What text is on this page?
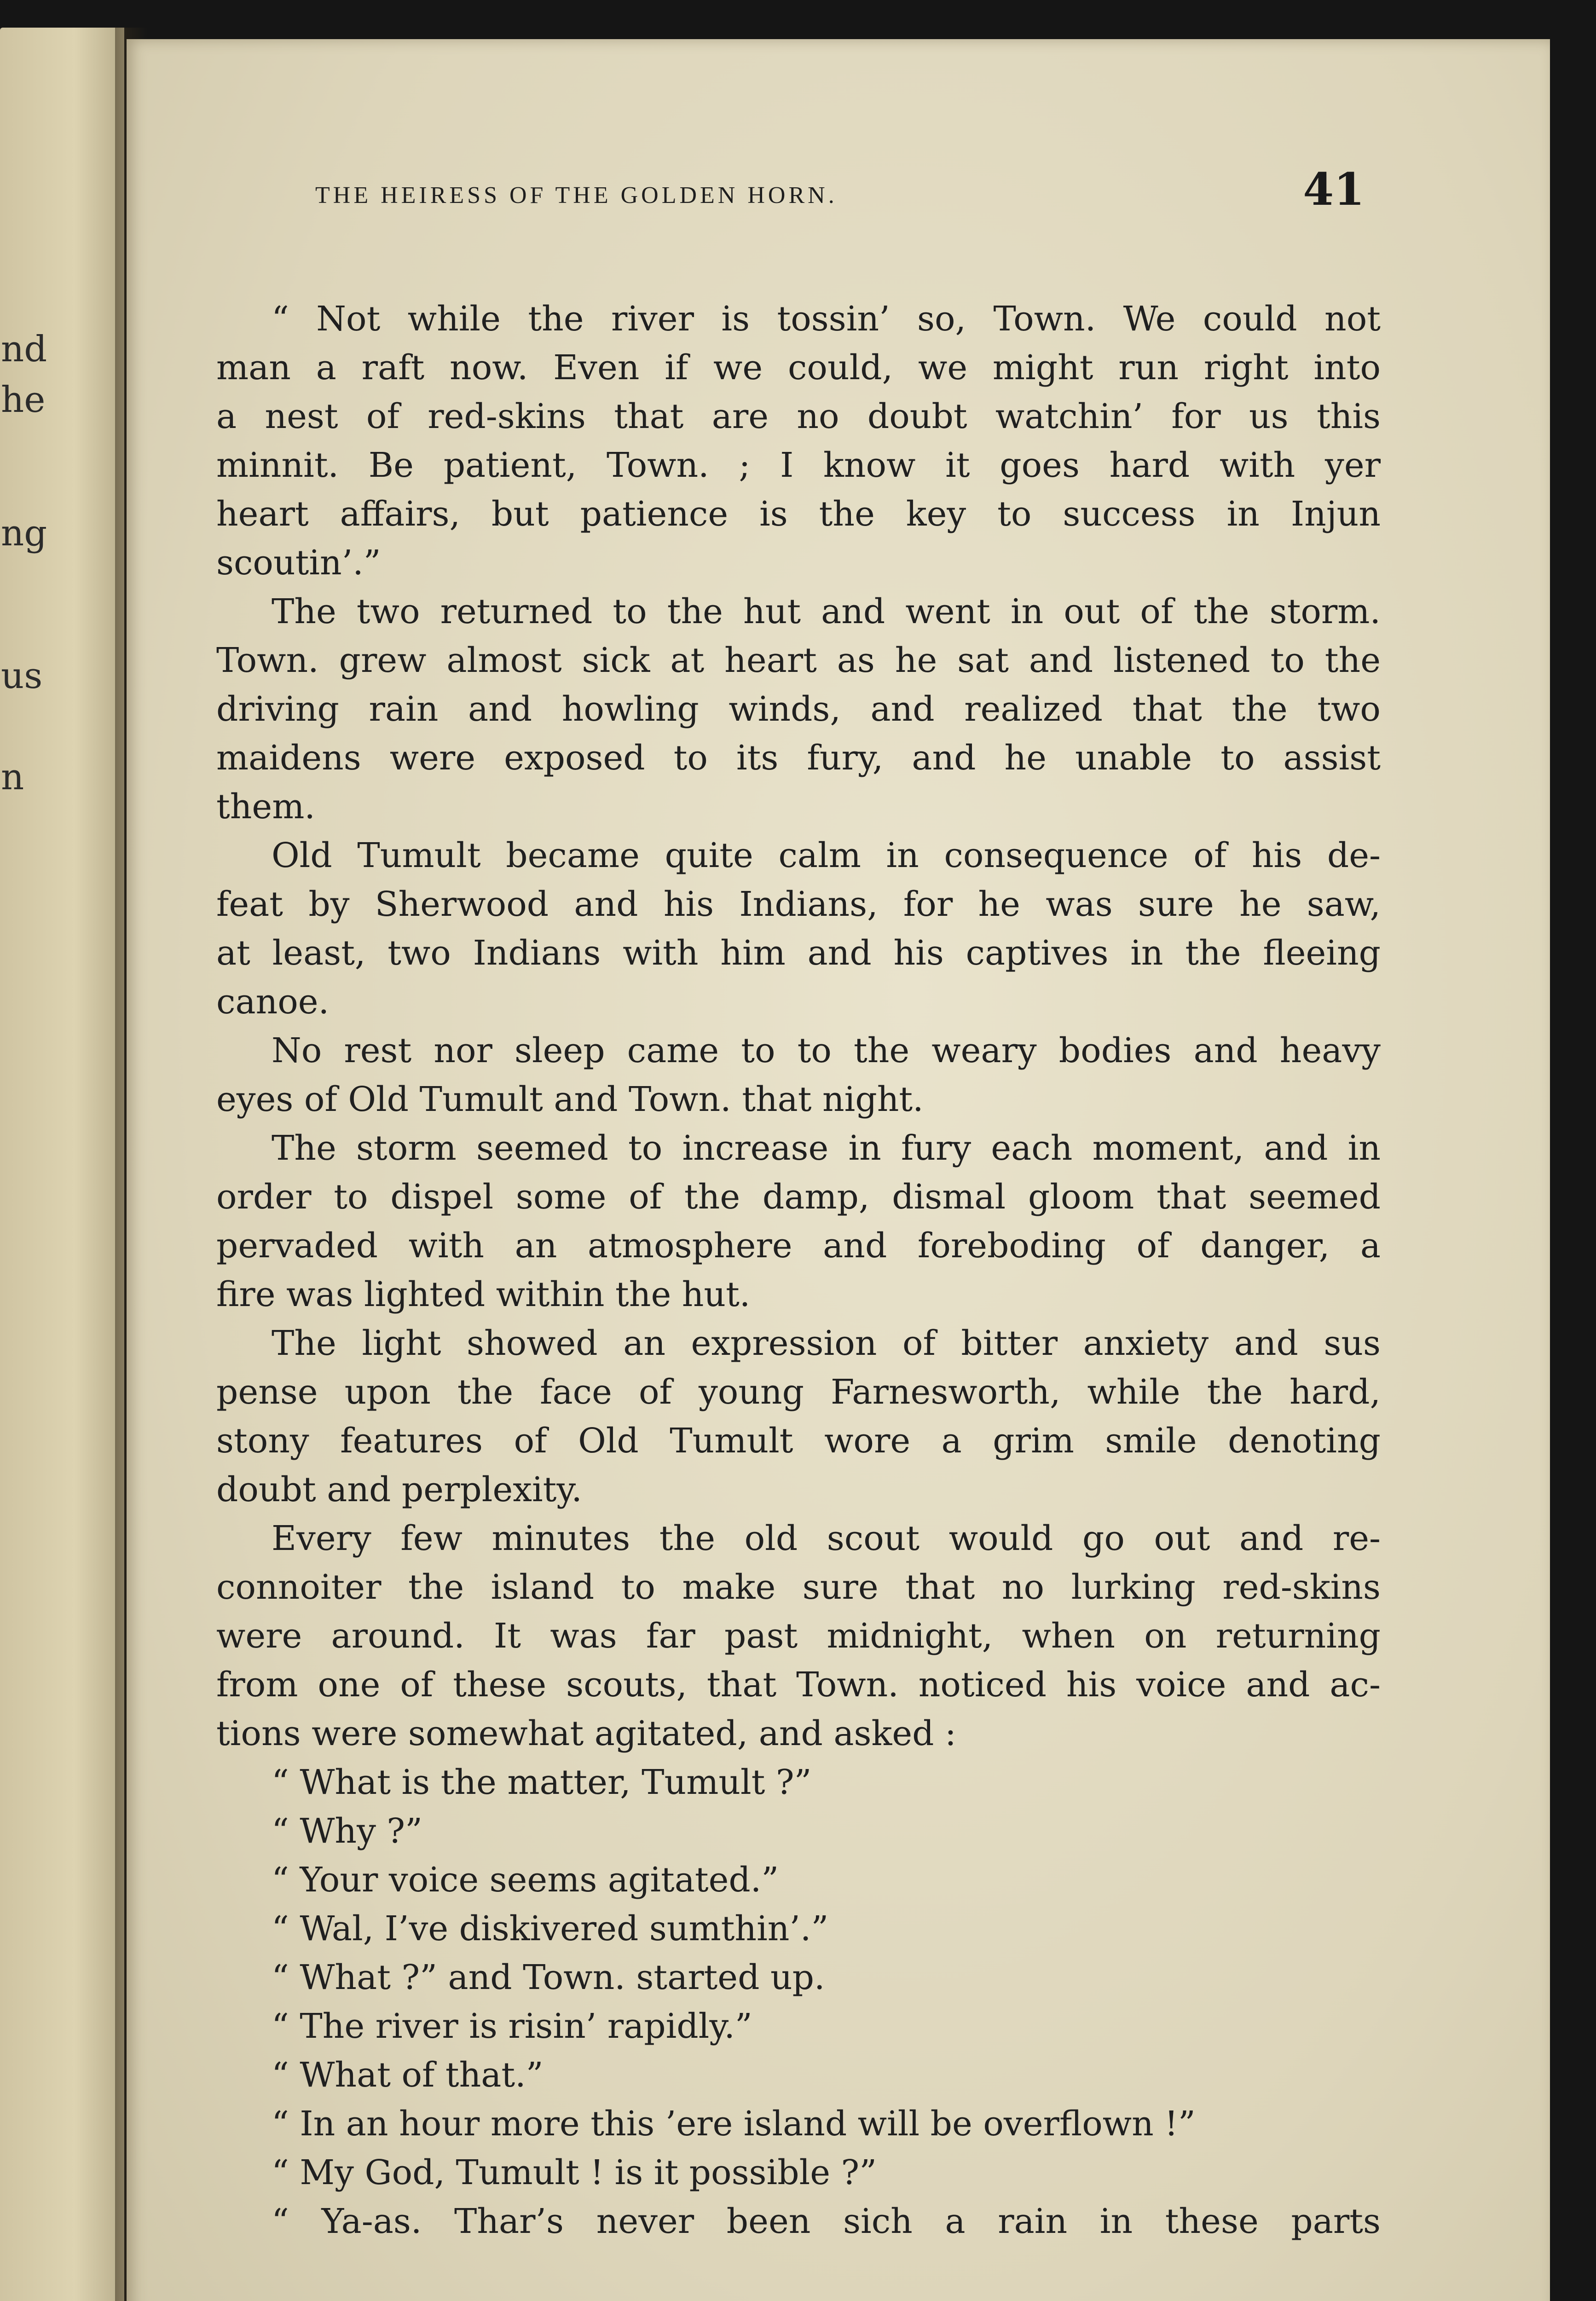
nd
he
ng
us
n
THE HEIRESS OF THE GOLDEN HORN.	41
“ Not while the river is tossin’ so, Town. We could not
man a raft now. Even if we could, we might run right into
a nest of red-skins that are no doubt watchin’ for us this
minnit. Be patient, Town. ; I know it goes hard with yer
heart affairs, but patience is the key to success in Injun
scoutin’.”
The two returned to the hut and went in out of the storm.
Town. grew almost sick at heart as he sat and listened to the
driving rain and howling winds, and realized that the two
maidens were exposed to its fury, and he unable to assist
them.
Old Tumult became quite calm in consequence of his de-
feat by Sherwood and his Indians, for he was sure he saw,
at least, two Indians with him and his captives in the fleeing
canoe.
No rest nor sleep came to to the weary bodies and heavy
eyes of Old Tumult and Town. that night.
The storm seemed to increase in fury each moment, and in
order to dispel some of the damp, dismal gloom that seemed
pervaded with an atmosphere and foreboding of danger, a
fire was lighted within the hut.
The light showed an expression of bitter anxiety and sus
pense upon the face of young Farnesworth, while the hard,
stony features of Old Tumult wore a grim smile denoting
doubt and perplexity.
Every few minutes the old scout would go out and re-
connoiter the island to make sure that no lurking red-skins
were around. It was far past midnight, when on returning
from one of these scouts, that Town. noticed his voice and ac-
tions were somewhat agitated, and asked :
“ What is the matter, Tumult ?”
“ Why ?”
“ Your voice seems agitated.”
“ Wal, I’ve diskivered sumthin’.”
“ What ?” and Town. started up.
“ The river is risin’ rapidly.”
“ What of that.”
“ In an hour more this ’ere island will be overflown !”
“ My God, Tumult ! is it possible ?”
“ Ya-as. Thar’s never been sich a rain in these parts
